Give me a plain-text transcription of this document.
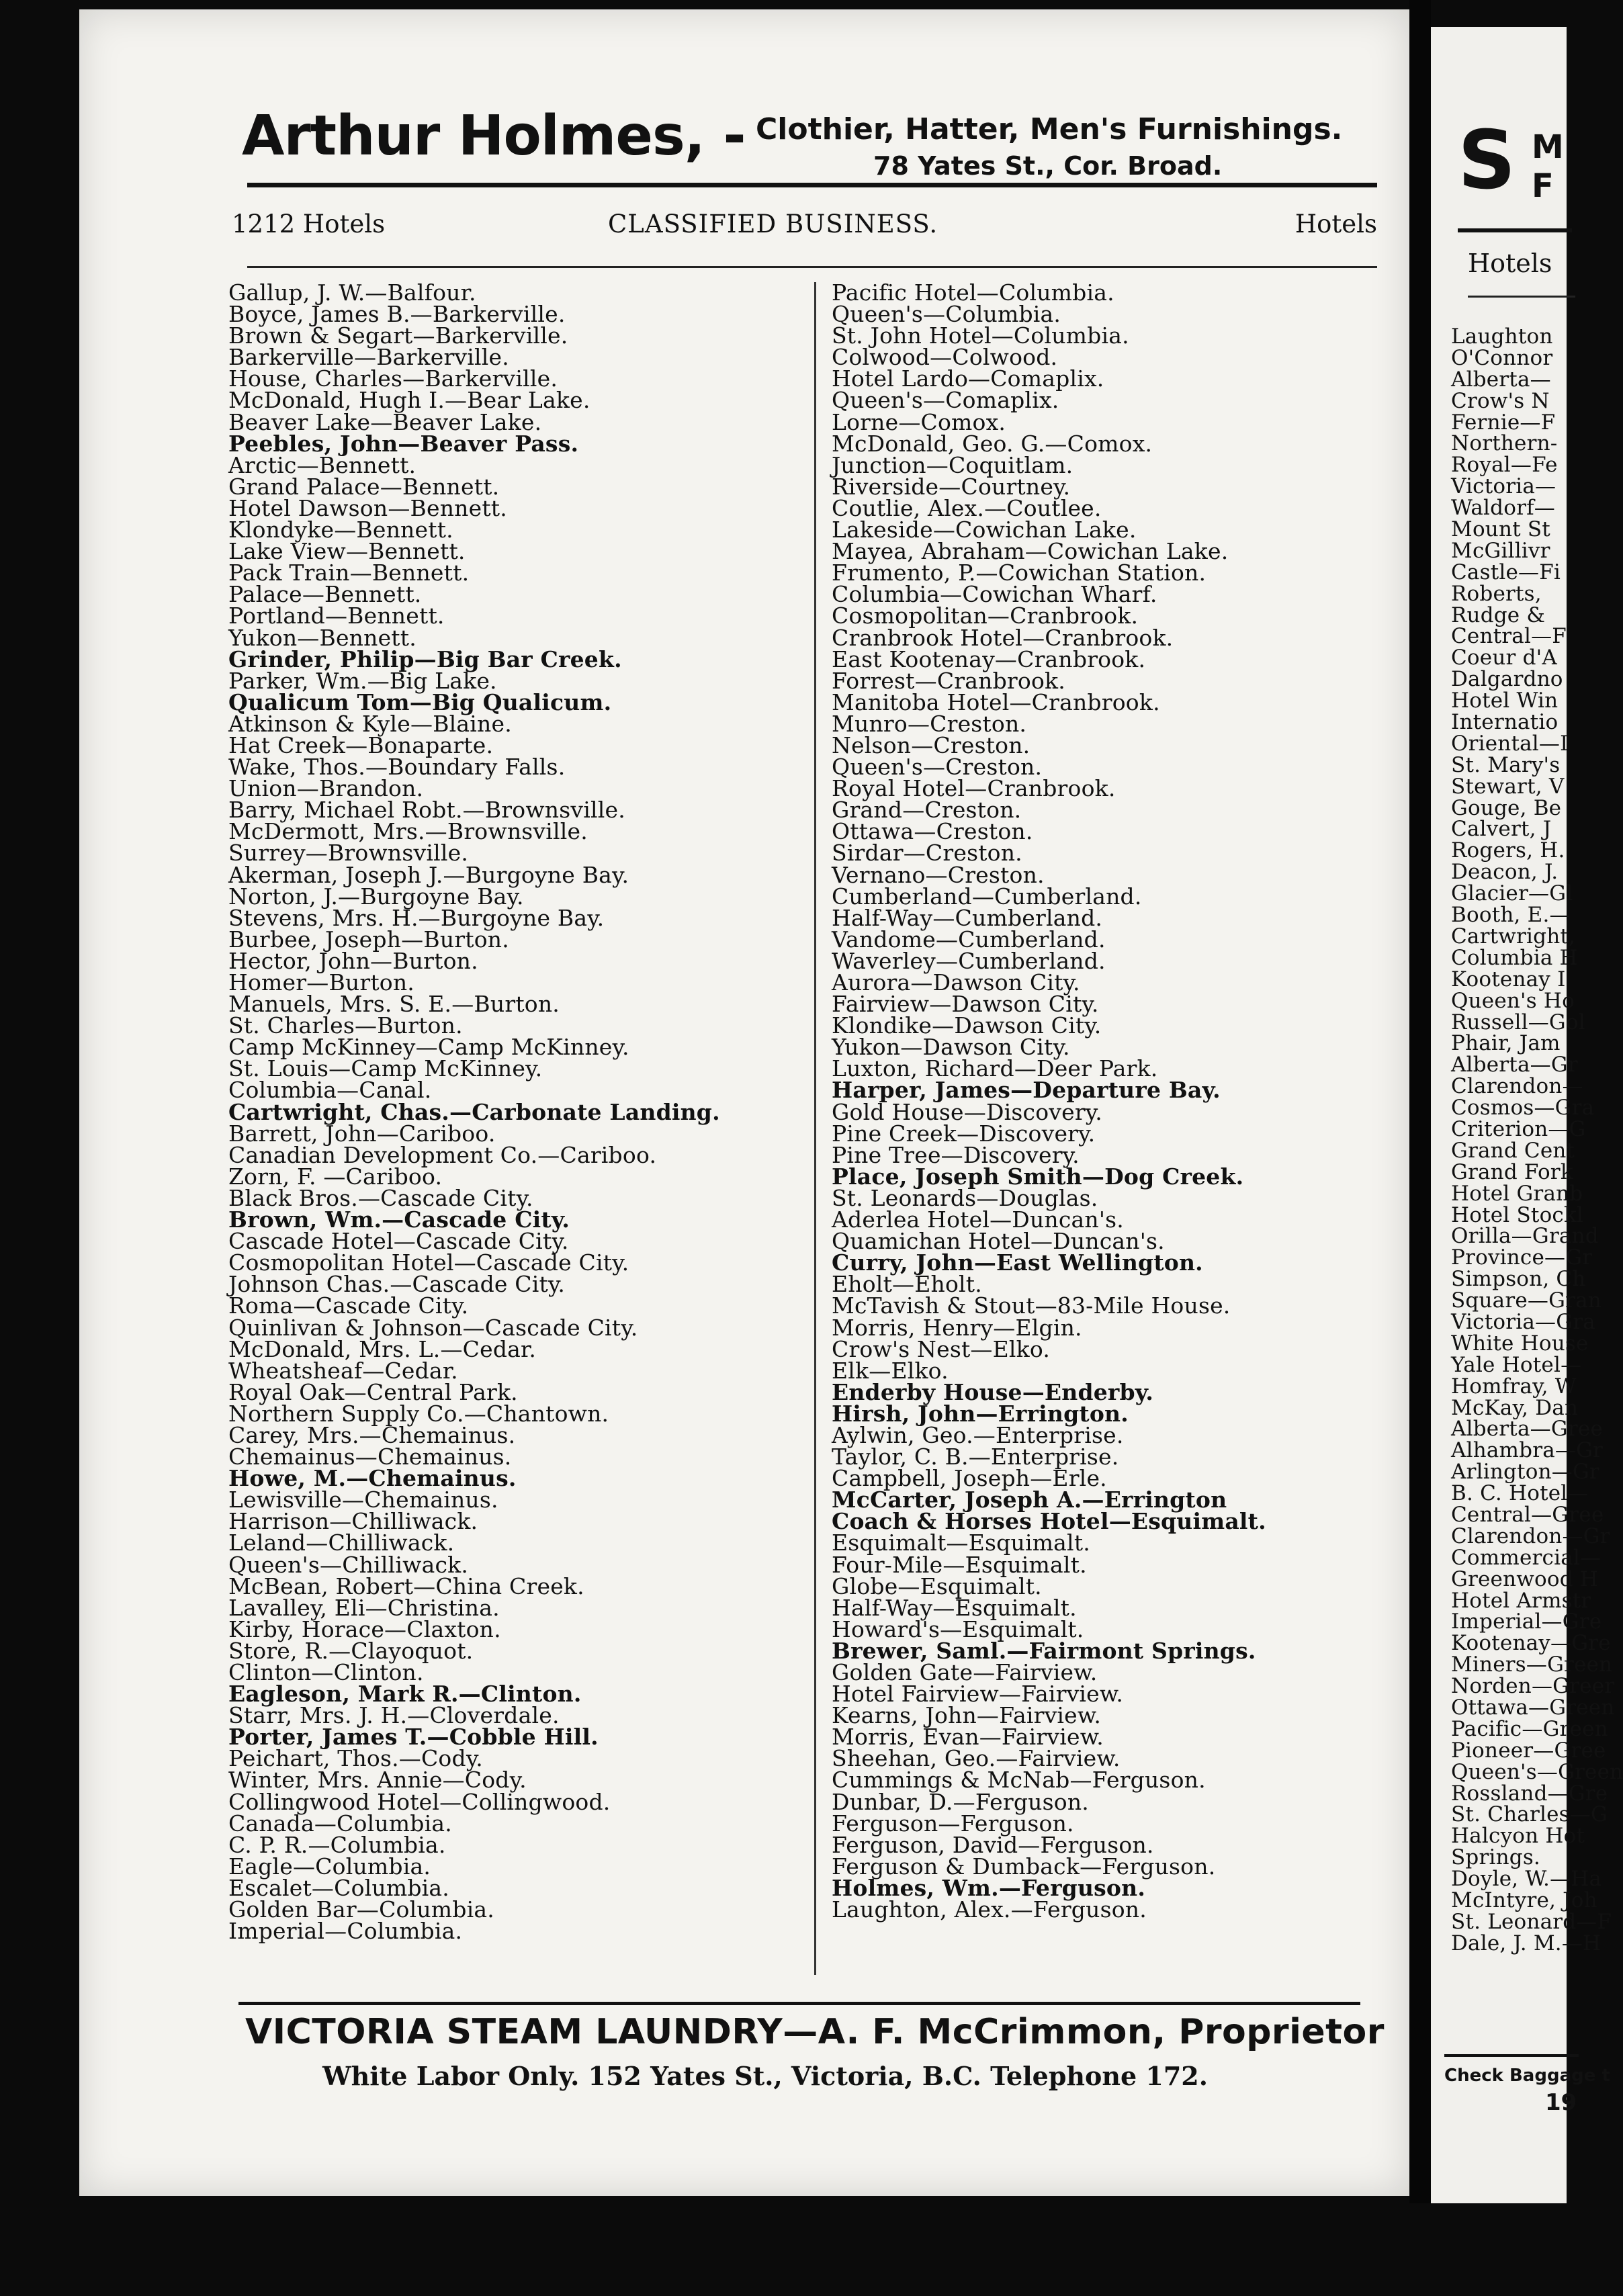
S M
F
Hotels
Laughton
O'Connor
Alberta—
Crow's N
Fernie—F
Northern-
Royal—Fe
Victoria—
Waldorf—
Mount St
McGillivr
Castle—Fi
Roberts,
Rudge &
Central—F
Coeur d'A
Dalgardno
Hotel Win
Internatio
Oriental—I
St. Mary's
Stewart, V
Gouge, Be
Calvert, J
Rogers, H.
Deacon, J.
Glacier—Gl
Booth, E.—
Cartwright,
Columbia H
Kootenay I
Queen's Ho
Russell—Gol
Phair, Jam
Alberta—Gr
Clarendon—
Cosmos—Gra
Criterion—G
Grand Cent
Grand Fork
Hotel Granb
Hotel Stockl
Orilla—Grand
Province—Gr
Simpson, Ch
Square—Gran
Victoria—Gra
White House
Yale Hotel—
Homfray, W
McKay, Dan
Alberta—Gree
Alhambra—Gr
Arlington—Gr
B. C. Hotel—
Central—Gree
Clarendon—Gr
Commercial—
Greenwood H
Hotel Armstr
Imperial—Gre
Kootenay—Gre
Miners—Green
Norden—Greer
Ottawa—Green
Pacific—Green
Pioneer—Gree
Queen's—Green
Rossland—Gre
St. Charles—G
Halcyon Hot
Springs.
Doyle, W.—Ha
McIntyre, Joh
St. Leonard—F
Dale, J. M.—H
Check Baggage t
19
Arthur Holmes, - Clothier, Hatter, Men's Furnishings.
78 Yates St., Cor. Broad.
1212 Hotels	CLASSIFIED BUSINESS.	Hotels
Gallup, J. W.—Balfour.
Boyce, James B.—Barkerville.
Brown & Segart—Barkerville.
Barkerville—Barkerville.
House, Charles—Barkerville.
McDonald, Hugh I.—Bear Lake.
Beaver Lake—Beaver Lake.
Peebles, John—Beaver Pass.
Arctic—Bennett.
Grand Palace—Bennett.
Hotel Dawson—Bennett.
Klondyke—Bennett.
Lake View—Bennett.
Pack Train—Bennett.
Palace—Bennett.
Portland—Bennett.
Yukon—Bennett.
Grinder, Philip—Big Bar Creek.
Parker, Wm.—Big Lake.
Qualicum Tom—Big Qualicum.
Atkinson & Kyle—Blaine.
Hat Creek—Bonaparte.
Wake, Thos.—Boundary Falls.
Union—Brandon.
Barry, Michael Robt.—Brownsville.
McDermott, Mrs.—Brownsville.
Surrey—Brownsville.
Akerman, Joseph J.—Burgoyne Bay.
Norton, J.—Burgoyne Bay.
Stevens, Mrs. H.—Burgoyne Bay.
Burbee, Joseph—Burton.
Hector, John—Burton.
Homer—Burton.
Manuels, Mrs. S. E.—Burton.
St. Charles—Burton.
Camp McKinney—Camp McKinney.
St. Louis—Camp McKinney.
Columbia—Canal.
Cartwright, Chas.—Carbonate Landing.
Barrett, John—Cariboo.
Canadian Development Co.—Cariboo.
Zorn, F. —Cariboo.
Black Bros.—Cascade City.
Brown, Wm.—Cascade City.
Cascade Hotel—Cascade City.
Cosmopolitan Hotel—Cascade City.
Johnson Chas.—Cascade City.
Roma—Cascade City.
Quinlivan & Johnson—Cascade City.
McDonald, Mrs. L.—Cedar.
Wheatsheaf—Cedar.
Royal Oak—Central Park.
Northern Supply Co.—Chantown.
Carey, Mrs.—Chemainus.
Chemainus—Chemainus.
Howe, M.—Chemainus.
Lewisville—Chemainus.
Harrison—Chilliwack.
Leland—Chilliwack.
Queen's—Chilliwack.
McBean, Robert—China Creek.
Lavalley, Eli—Christina.
Kirby, Horace—Claxton.
Store, R.—Clayoquot.
Clinton—Clinton.
Eagleson, Mark R.—Clinton.
Starr, Mrs. J. H.—Cloverdale.
Porter, James T.—Cobble Hill.
Peichart, Thos.—Cody.
Winter, Mrs. Annie—Cody.
Collingwood Hotel—Collingwood.
Canada—Columbia.
C. P. R.—Columbia.
Eagle—Columbia.
Escalet—Columbia.
Golden Bar—Columbia.
Imperial—Columbia.
Pacific Hotel—Columbia.
Queen's—Columbia.
St. John Hotel—Columbia.
Colwood—Colwood.
Hotel Lardo—Comaplix.
Queen's—Comaplix.
Lorne—Comox.
McDonald, Geo. G.—Comox.
Junction—Coquitlam.
Riverside—Courtney.
Coutlie, Alex.—Coutlee.
Lakeside—Cowichan Lake.
Mayea, Abraham—Cowichan Lake.
Frumento, P.—Cowichan Station.
Columbia—Cowichan Wharf.
Cosmopolitan—Cranbrook.
Cranbrook Hotel—Cranbrook.
East Kootenay—Cranbrook.
Forrest—Cranbrook.
Manitoba Hotel—Cranbrook.
Munro—Creston.
Nelson—Creston.
Queen's—Creston.
Royal Hotel—Cranbrook.
Grand—Creston.
Ottawa—Creston.
Sirdar—Creston.
Vernano—Creston.
Cumberland—Cumberland.
Half-Way—Cumberland.
Vandome—Cumberland.
Waverley—Cumberland.
Aurora—Dawson City.
Fairview—Dawson City.
Klondike—Dawson City.
Yukon—Dawson City.
Luxton, Richard—Deer Park.
Harper, James—Departure Bay.
Gold House—Discovery.
Pine Creek—Discovery.
Pine Tree—Discovery.
Place, Joseph Smith—Dog Creek.
St. Leonards—Douglas.
Aderlea Hotel—Duncan's.
Quamichan Hotel—Duncan's.
Curry, John—East Wellington.
Eholt—Eholt.
McTavish & Stout—83-Mile House.
Morris, Henry—Elgin.
Crow's Nest—Elko.
Elk—Elko.
Enderby House—Enderby.
Hirsh, John—Errington.
Aylwin, Geo.—Enterprise.
Taylor, C. B.—Enterprise.
Campbell, Joseph—Erle.
McCarter, Joseph A.—Errington
Coach & Horses Hotel—Esquimalt.
Esquimalt—Esquimalt.
Four-Mile—Esquimalt.
Globe—Esquimalt.
Half-Way—Esquimalt.
Howard's—Esquimalt.
Brewer, Saml.—Fairmont Springs.
Golden Gate—Fairview.
Hotel Fairview—Fairview.
Kearns, John—Fairview.
Morris, Evan—Fairview.
Sheehan, Geo.—Fairview.
Cummings & McNab—Ferguson.
Dunbar, D.—Ferguson.
Ferguson—Ferguson.
Ferguson, David—Ferguson.
Ferguson & Dumback—Ferguson.
Holmes, Wm.—Ferguson.
Laughton, Alex.—Ferguson.
VICTORIA STEAM LAUNDRY—A. F. McCrimmon, Proprietor
White Labor Only. 152 Yates St., Victoria, B.C. Telephone 172.
